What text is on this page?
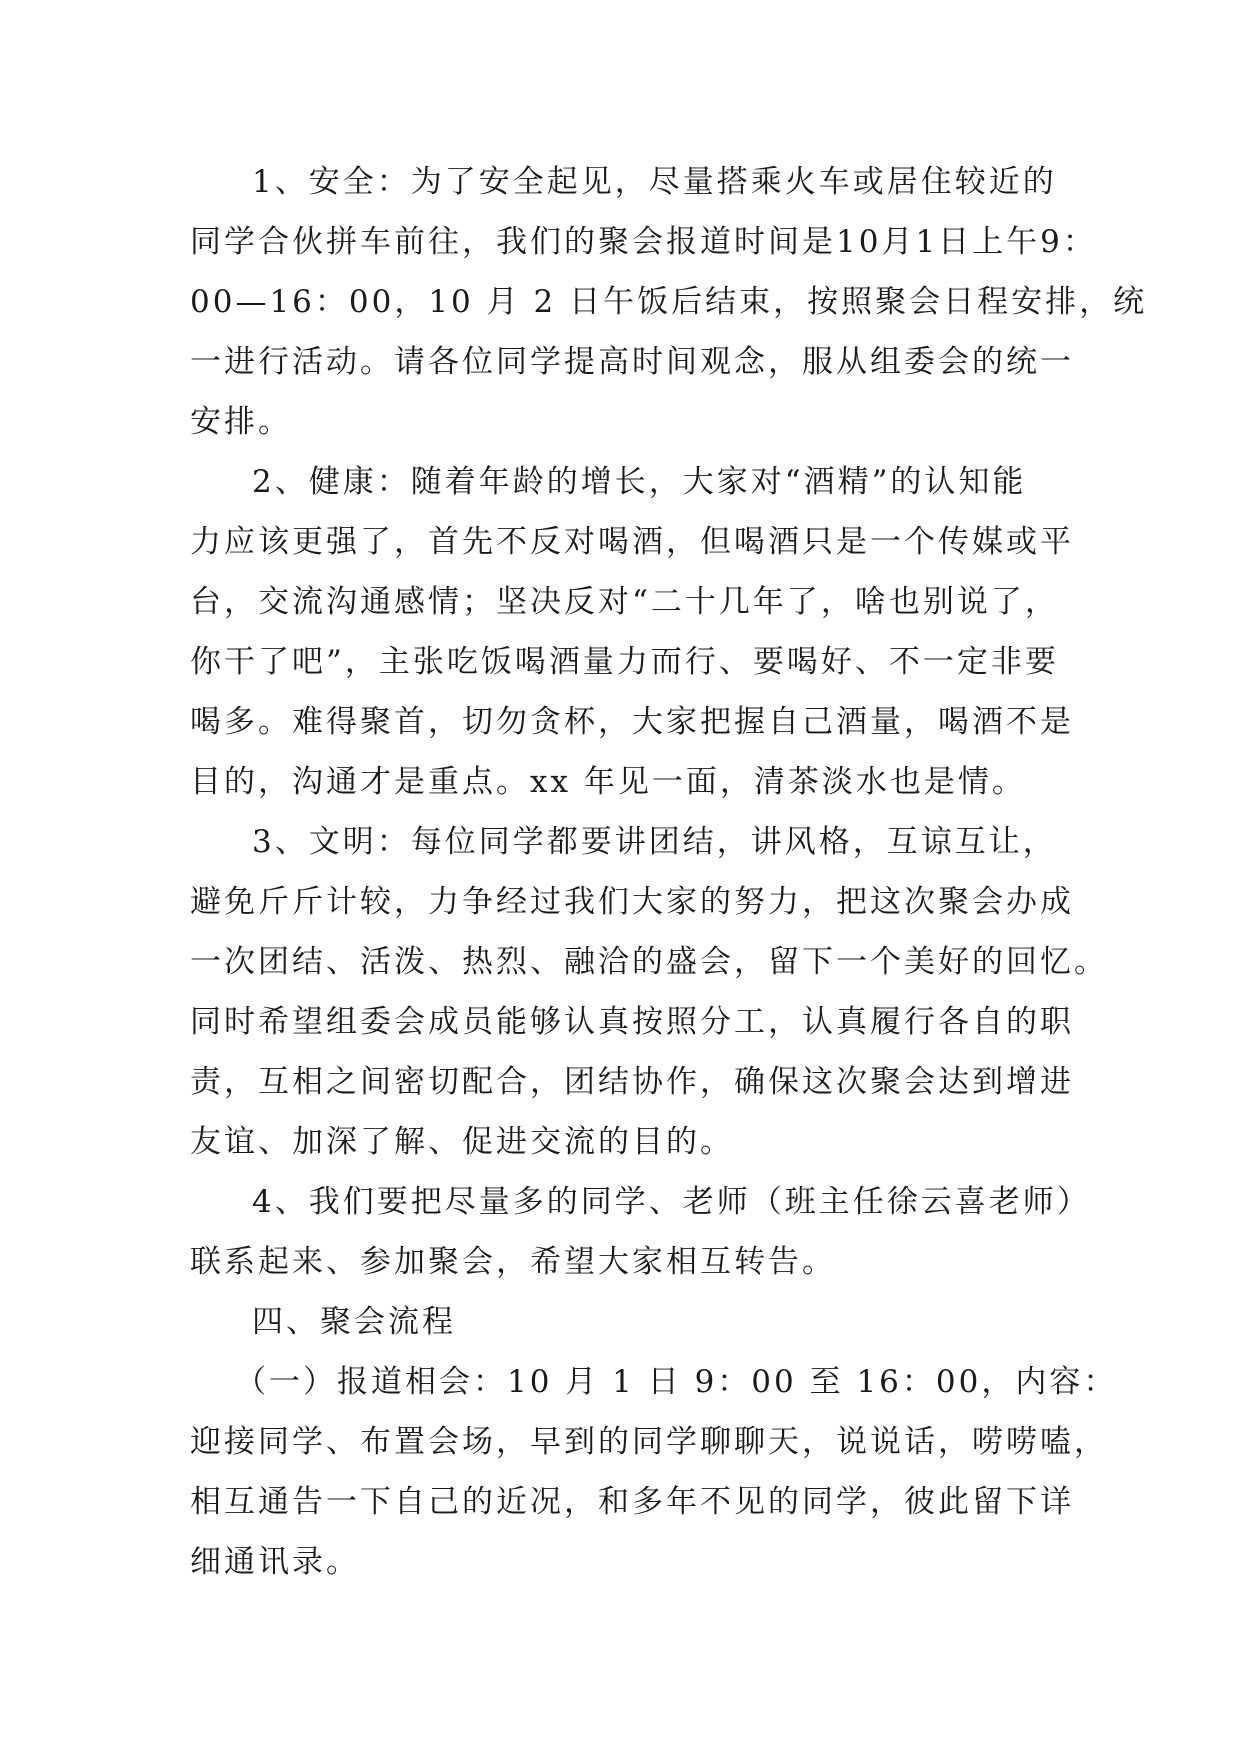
1、安全：为了安全起见，尽量搭乘火车或居住较近的
同学合伙拼车前往，我们的聚会报道时间是10月1日上午9：
00—16：00，10 月 2 日午饭后结束，按照聚会日程安排，统
一进行活动。请各位同学提高时间观念，服从组委会的统一
安排。

2、健康：随着年龄的增长，大家对“酒精”的认知能
力应该更强了，首先不反对喝酒，但喝酒只是一个传媒或平
台，交流沟通感情；坚决反对“二十几年了，啥也别说了，
你干了吧”，主张吃饭喝酒量力而行、要喝好、不一定非要
喝多。难得聚首，切勿贪杯，大家把握自己酒量，喝酒不是
目的，沟通才是重点。xx 年见一面，清茶淡水也是情。

3、文明：每位同学都要讲团结，讲风格，互谅互让，
避免斤斤计较，力争经过我们大家的努力，把这次聚会办成
一次团结、活泼、热烈、融洽的盛会，留下一个美好的回忆。
同时希望组委会成员能够认真按照分工，认真履行各自的职
责，互相之间密切配合，团结协作，确保这次聚会达到增进
友谊、加深了解、促进交流的目的。

4、我们要把尽量多的同学、老师（班主任徐云喜老师）
联系起来、参加聚会，希望大家相互转告。

四、聚会流程

（一）报道相会：10 月 1 日 9：00 至 16：00，内容：
迎接同学、布置会场，早到的同学聊聊天，说说话，唠唠嗑，
相互通告一下自己的近况，和多年不见的同学，彼此留下详
细通讯录。
